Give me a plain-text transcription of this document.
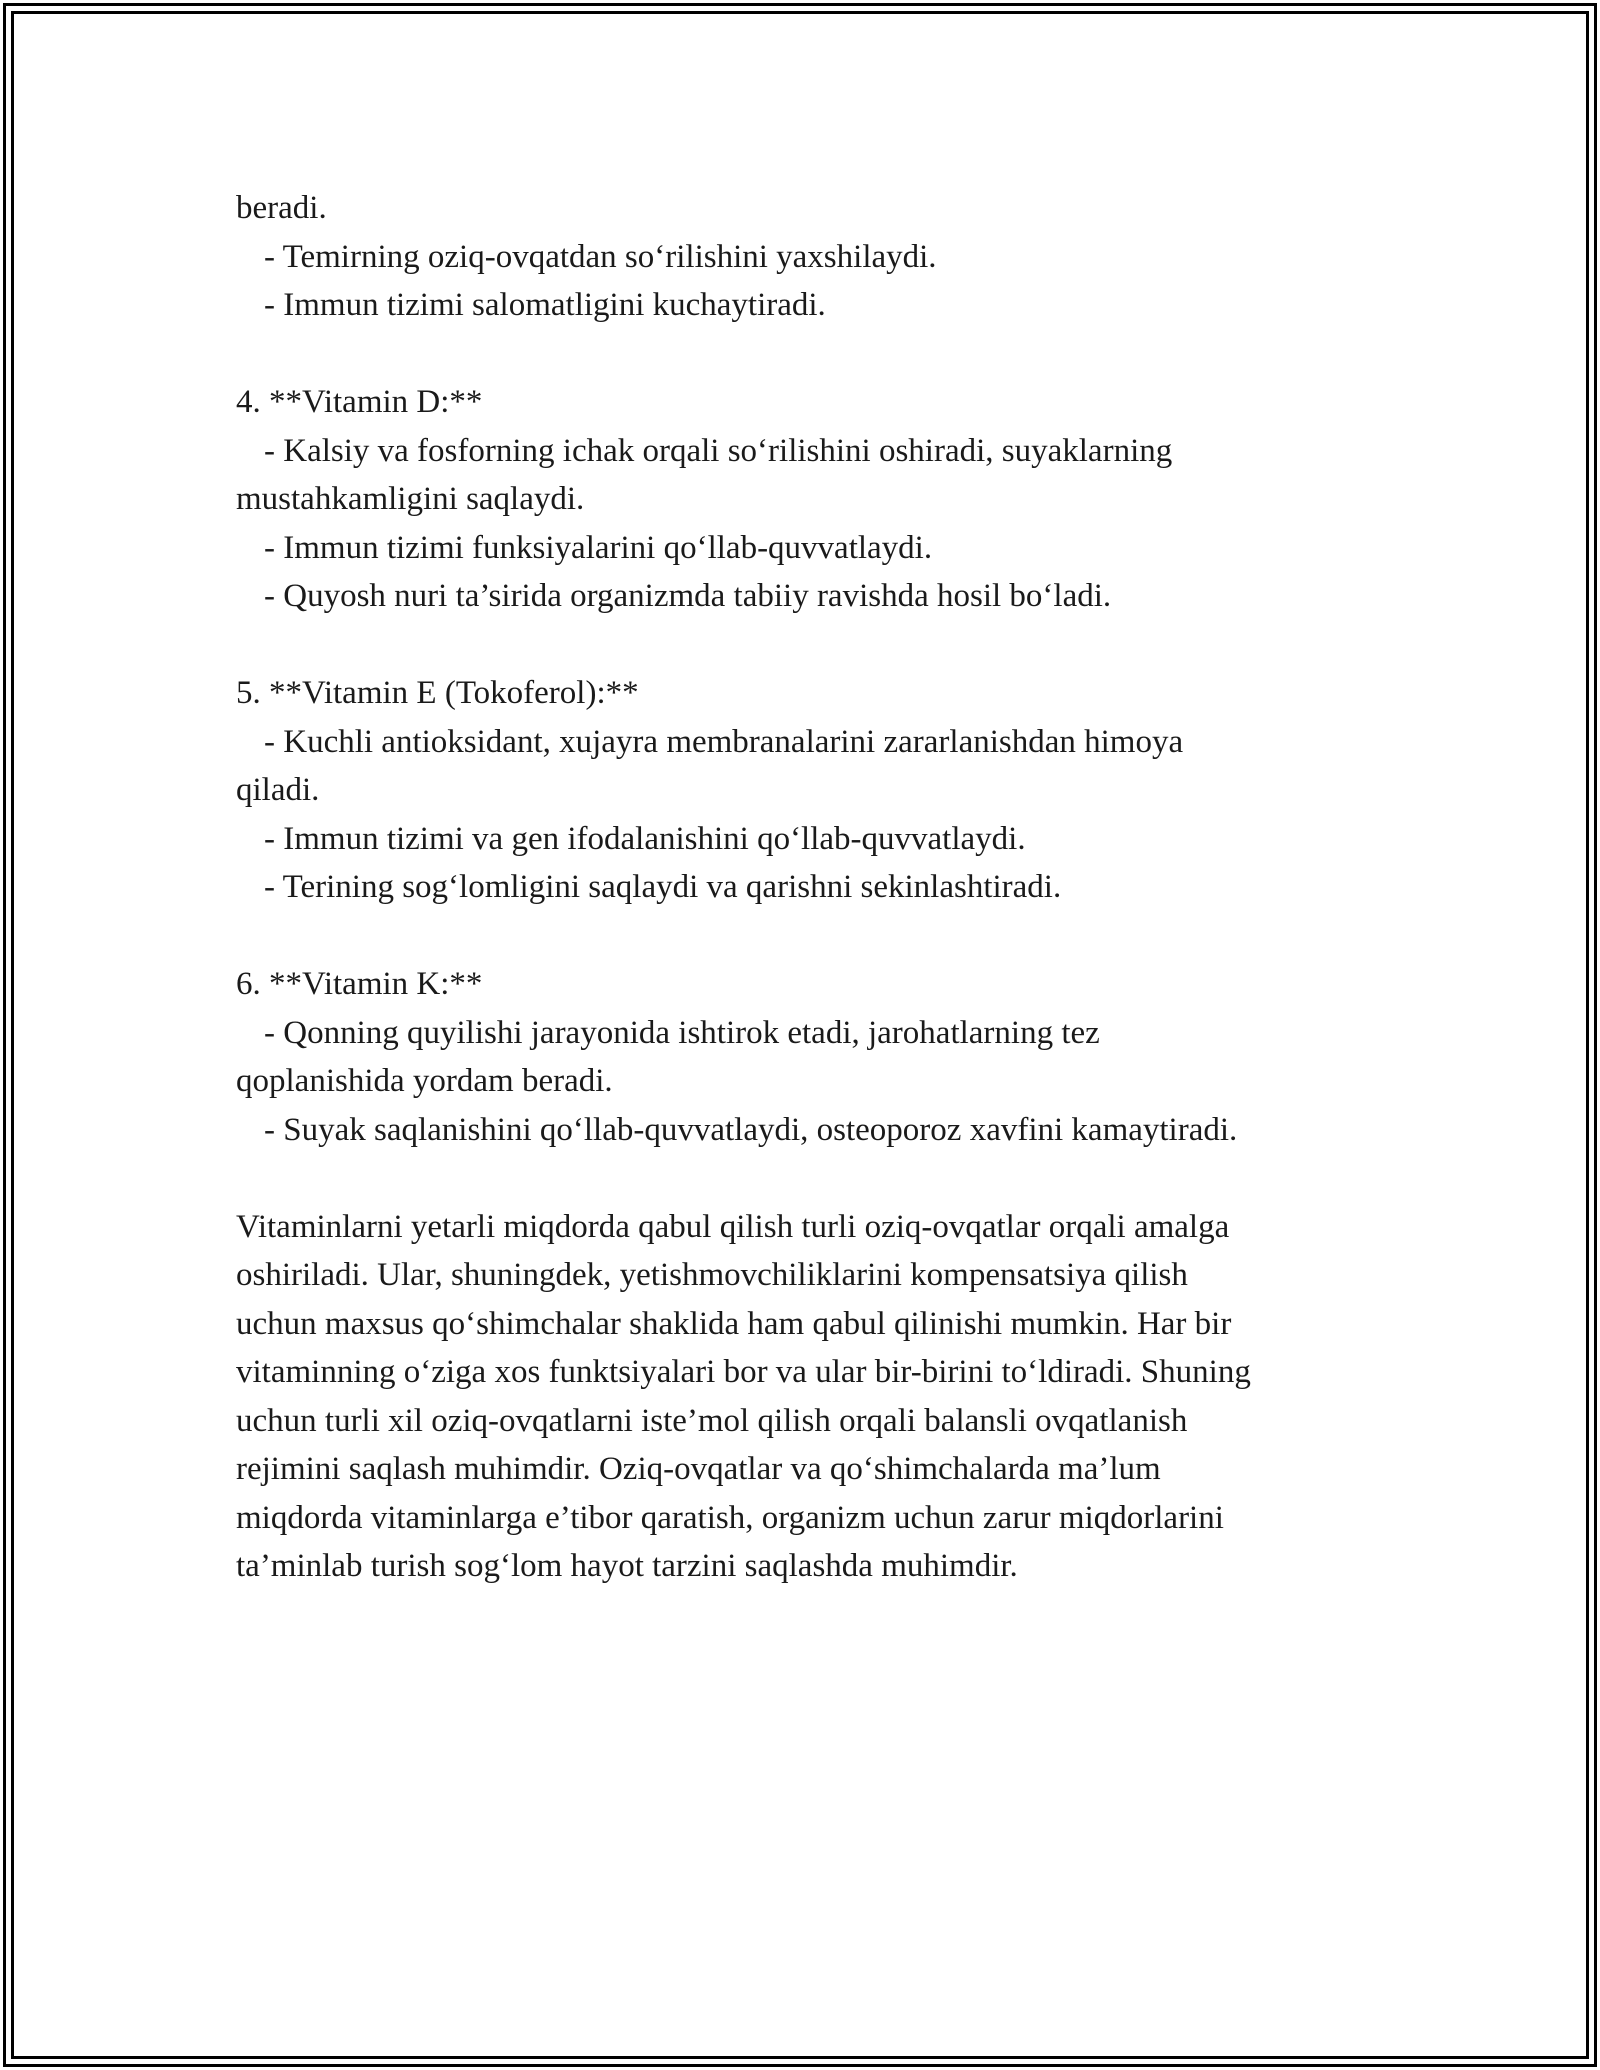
beradi.

- Temirning oziq-ovqatdan so‘rilishini yaxshilaydi.

- Immun tizimi salomatligini kuchaytiradi.

4. **Vitamin D:**

- Kalsiy va fosforning ichak orqali so‘rilishini oshiradi, suyaklarning

mustahkamligini saqlaydi.

- Immun tizimi funksiyalarini qo‘llab-quvvatlaydi.

- Quyosh nuri ta’sirida organizmda tabiiy ravishda hosil bo‘ladi.

5. **Vitamin E (Tokoferol):**

- Kuchli antioksidant, xujayra membranalarini zararlanishdan himoya

qiladi.

- Immun tizimi va gen ifodalanishini qo‘llab-quvvatlaydi.

- Terining sog‘lomligini saqlaydi va qarishni sekinlashtiradi.

6. **Vitamin K:**

- Qonning quyilishi jarayonida ishtirok etadi, jarohatlarning tez

qoplanishida yordam beradi.

- Suyak saqlanishini qo‘llab-quvvatlaydi, osteoporoz xavfini kamaytiradi.

Vitaminlarni yetarli miqdorda qabul qilish turli oziq-ovqatlar orqali amalga

oshiriladi. Ular, shuningdek, yetishmovchiliklarini kompensatsiya qilish

uchun maxsus qo‘shimchalar shaklida ham qabul qilinishi mumkin. Har bir

vitaminning o‘ziga xos funktsiyalari bor va ular bir-birini to‘ldiradi. Shuning

uchun turli xil oziq-ovqatlarni iste’mol qilish orqali balansli ovqatlanish

rejimini saqlash muhimdir. Oziq-ovqatlar va qo‘shimchalarda ma’lum

miqdorda vitaminlarga e’tibor qaratish, organizm uchun zarur miqdorlarini

ta’minlab turish sog‘lom hayot tarzini saqlashda muhimdir.
